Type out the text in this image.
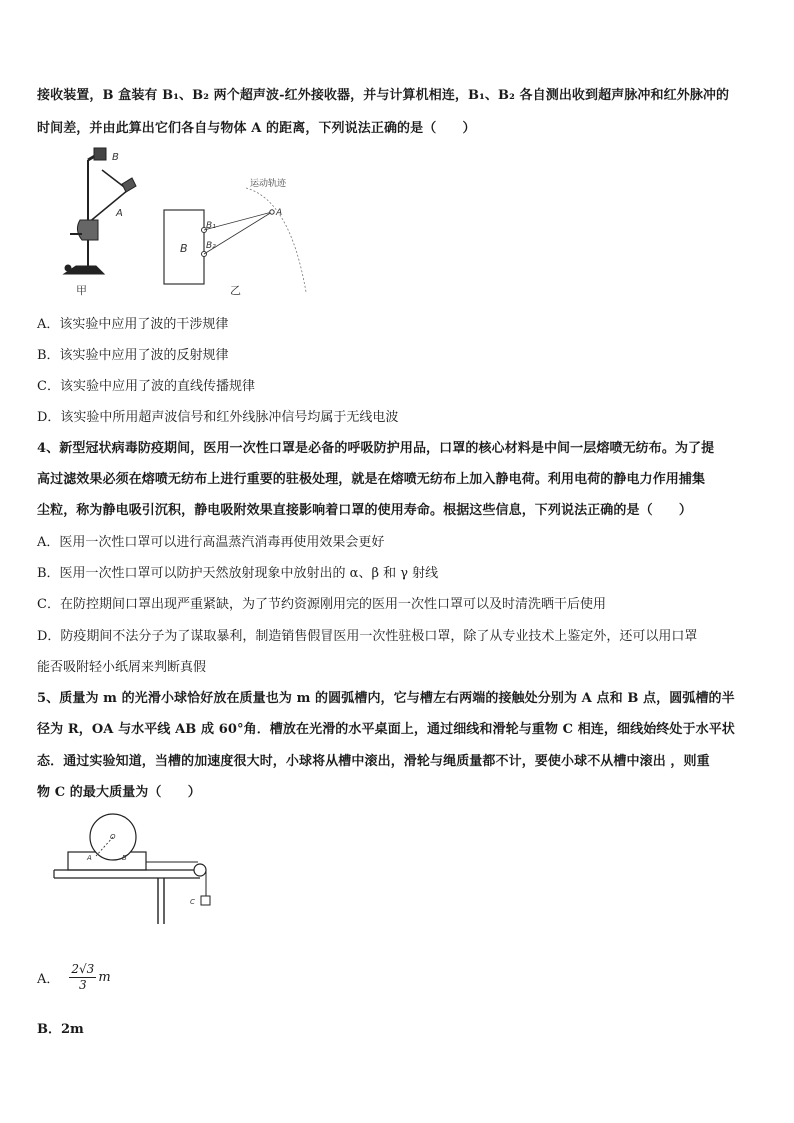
接收装置，B 盒装有 B₁、B₂ 两个超声波-红外接收器，并与计算机相连，B₁、B₂ 各自测出收到超声脉冲和红外脉冲的
时间差，并由此算出它们各自与物体 A 的距离，下列说法正确的是（　　）
B
A
甲
B
B₁
B₂
A
运动轨迹
乙
A．该实验中应用了波的干涉规律
B．该实验中应用了波的反射规律
C．该实验中应用了波的直线传播规律
D．该实验中所用超声波信号和红外线脉冲信号均属于无线电波
4、新型冠状病毒防疫期间，医用一次性口罩是必备的呼吸防护用品，口罩的核心材料是中间一层熔喷无纺布。为了提
高过滤效果必须在熔喷无纺布上进行重要的驻极处理，就是在熔喷无纺布上加入静电荷。利用电荷的静电力作用捕集
尘粒，称为静电吸引沉积，静电吸附效果直接影响着口罩的使用寿命。根据这些信息，下列说法正确的是（　　）
A．医用一次性口罩可以进行高温蒸汽消毒再使用效果会更好
B．医用一次性口罩可以防护天然放射现象中放射出的 α、β 和 γ 射线
C．在防控期间口罩出现严重紧缺，为了节约资源刚用完的医用一次性口罩可以及时清洗晒干后使用
D．防疫期间不法分子为了谋取暴利，制造销售假冒医用一次性驻极口罩，除了从专业技术上鉴定外，还可以用口罩
能否吸附轻小纸屑来判断真假
5、质量为 m 的光滑小球恰好放在质量也为 m 的圆弧槽内，它与槽左右两端的接触处分别为 A 点和 B 点，圆弧槽的半
径为 R，OA 与水平线 AB 成 60°角．槽放在光滑的水平桌面上，通过细线和滑轮与重物 C 相连，细线始终处于水平状
态．通过实验知道，当槽的加速度很大时，小球将从槽中滚出，滑轮与绳质量都不计，要使小球不从槽中滚出 ，则重
物 C 的最大质量为（　　）
O
A	B
C
A． $\frac{2√3}{3}$ m
B．2m
